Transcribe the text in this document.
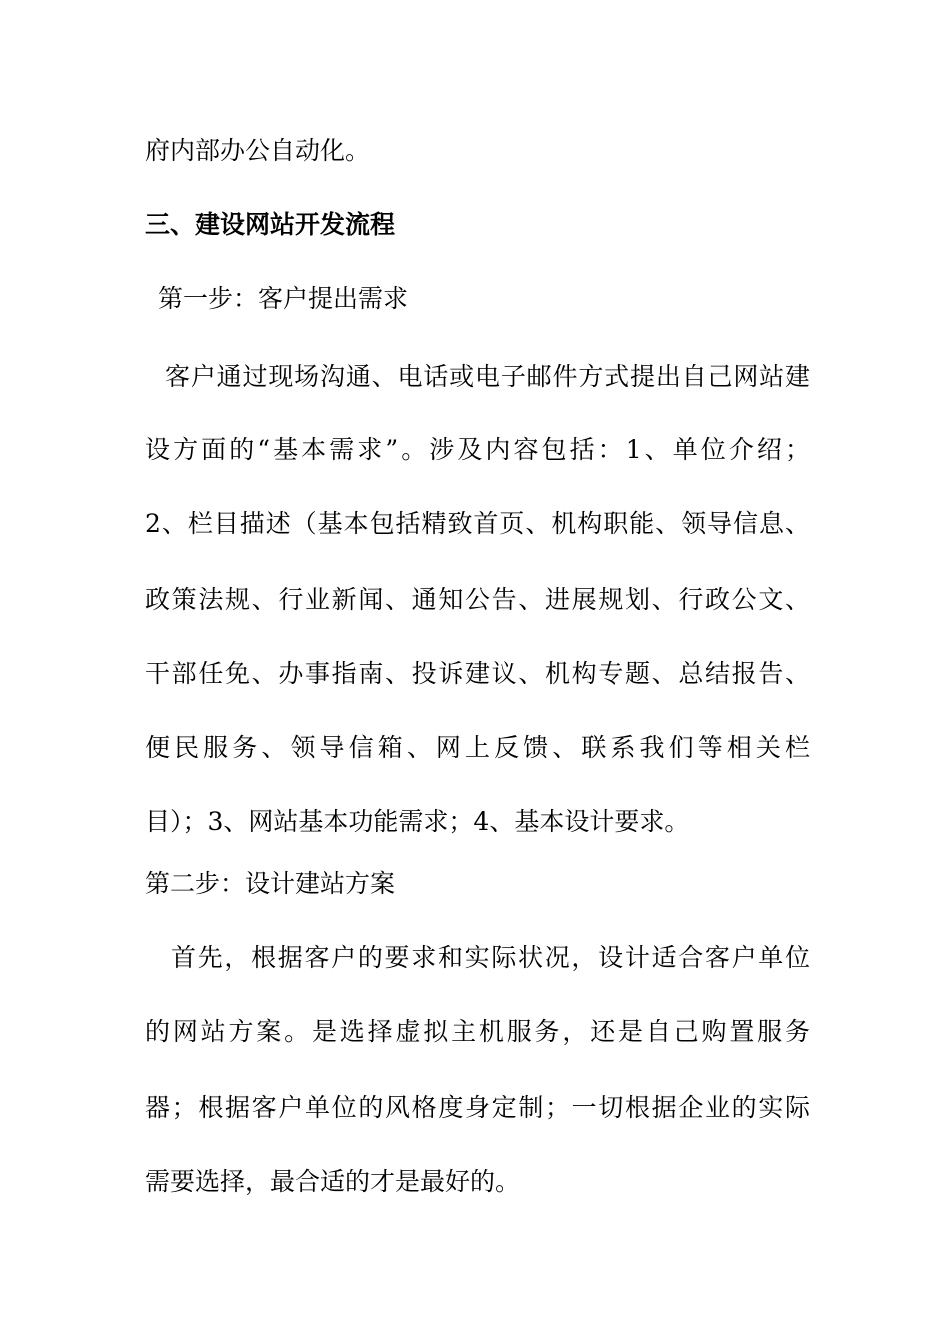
府内部办公自动化。
三、建设网站开发流程
第一步：客户提出需求
客户通过现场沟通、电话或电子邮件方式提出自己网站建
设方面的“基本需求”。涉及内容包括：1、单位介绍；
2、栏目描述（基本包括精致首页、机构职能、领导信息、
政策法规、行业新闻、通知公告、进展规划、行政公文、
干部任免、办事指南、投诉建议、机构专题、总结报告、
便民服务、领导信箱、网上反馈、联系我们等相关栏
目）；3、网站基本功能需求；4、基本设计要求。
第二步：设计建站方案
首先，根据客户的要求和实际状况，设计适合客户单位
的网站方案。是选择虚拟主机服务，还是自己购置服务
器；根据客户单位的风格度身定制；一切根据企业的实际
需要选择，最合适的才是最好的。
